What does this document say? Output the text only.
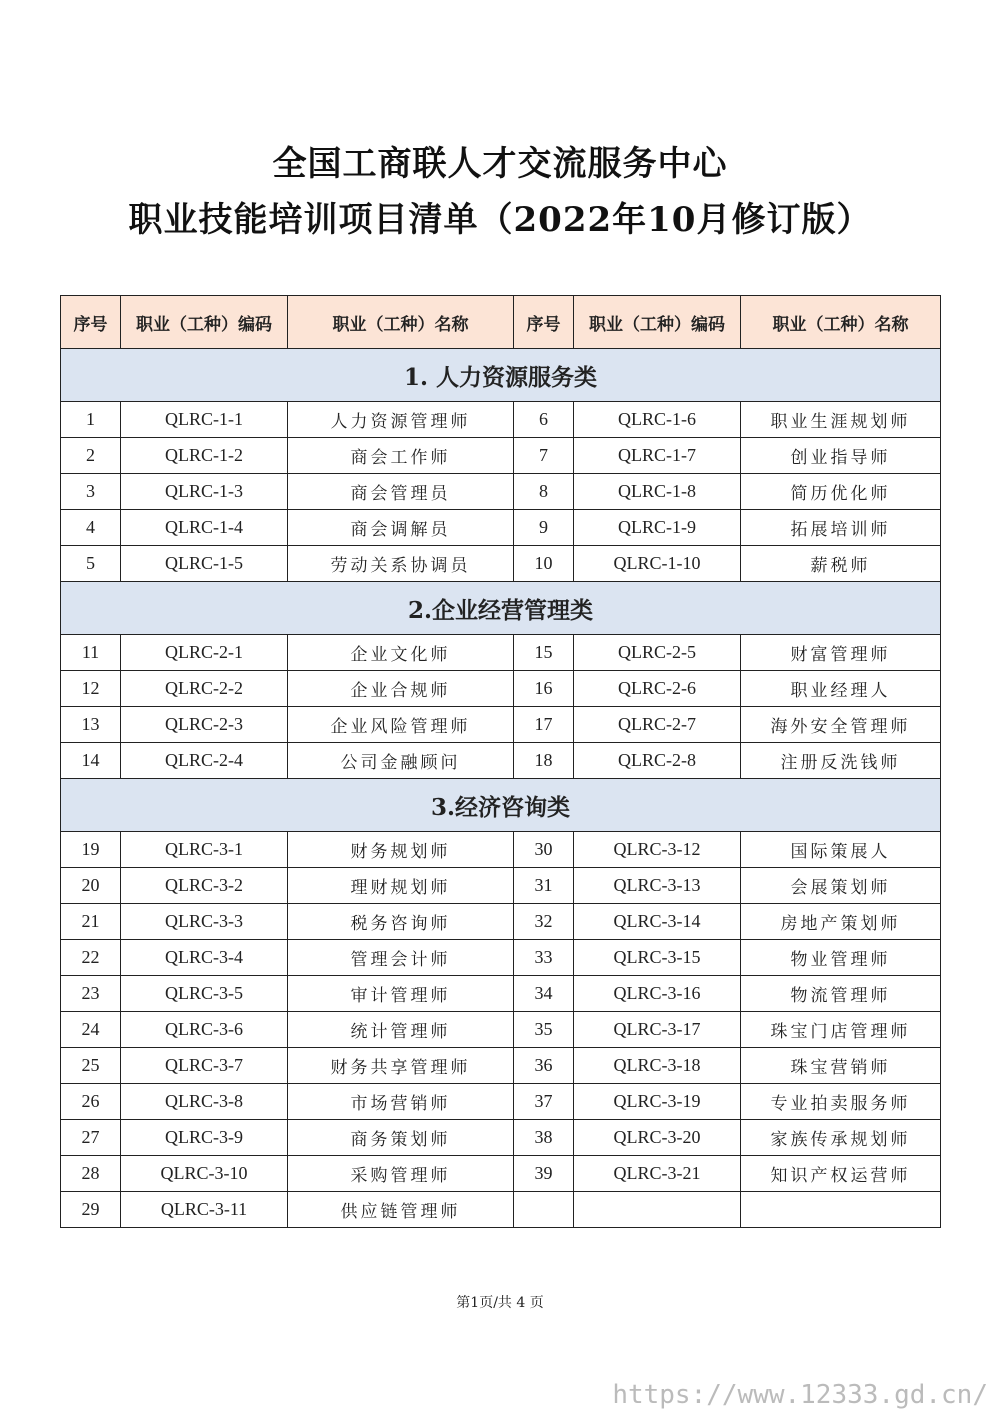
全国工商联人才交流服务中心
职业技能培训项目清单（2022年10月修订版）
序号	职业（工种）编码	职业（工种）名称	序号	职业（工种）编码	职业（工种）名称
1. 人力资源服务类					
1	QLRC-1-1	人力资源管理师	6	QLRC-1-6	职业生涯规划师
2	QLRC-1-2	商会工作师	7	QLRC-1-7	创业指导师
3	QLRC-1-3	商会管理员	8	QLRC-1-8	简历优化师
4	QLRC-1-4	商会调解员	9	QLRC-1-9	拓展培训师
5	QLRC-1-5	劳动关系协调员	10	QLRC-1-10	薪税师
2.企业经营管理类					
11	QLRC-2-1	企业文化师	15	QLRC-2-5	财富管理师
12	QLRC-2-2	企业合规师	16	QLRC-2-6	职业经理人
13	QLRC-2-3	企业风险管理师	17	QLRC-2-7	海外安全管理师
14	QLRC-2-4	公司金融顾问	18	QLRC-2-8	注册反洗钱师
3.经济咨询类					
19	QLRC-3-1	财务规划师	30	QLRC-3-12	国际策展人
20	QLRC-3-2	理财规划师	31	QLRC-3-13	会展策划师
21	QLRC-3-3	税务咨询师	32	QLRC-3-14	房地产策划师
22	QLRC-3-4	管理会计师	33	QLRC-3-15	物业管理师
23	QLRC-3-5	审计管理师	34	QLRC-3-16	物流管理师
24	QLRC-3-6	统计管理师	35	QLRC-3-17	珠宝门店管理师
25	QLRC-3-7	财务共享管理师	36	QLRC-3-18	珠宝营销师
26	QLRC-3-8	市场营销师	37	QLRC-3-19	专业拍卖服务师
27	QLRC-3-9	商务策划师	38	QLRC-3-20	家族传承规划师
28	QLRC-3-10	采购管理师	39	QLRC-3-21	知识产权运营师
29	QLRC-3-11	供应链管理师			
第1页/共 4 页
https://www.12333.gd.cn/
